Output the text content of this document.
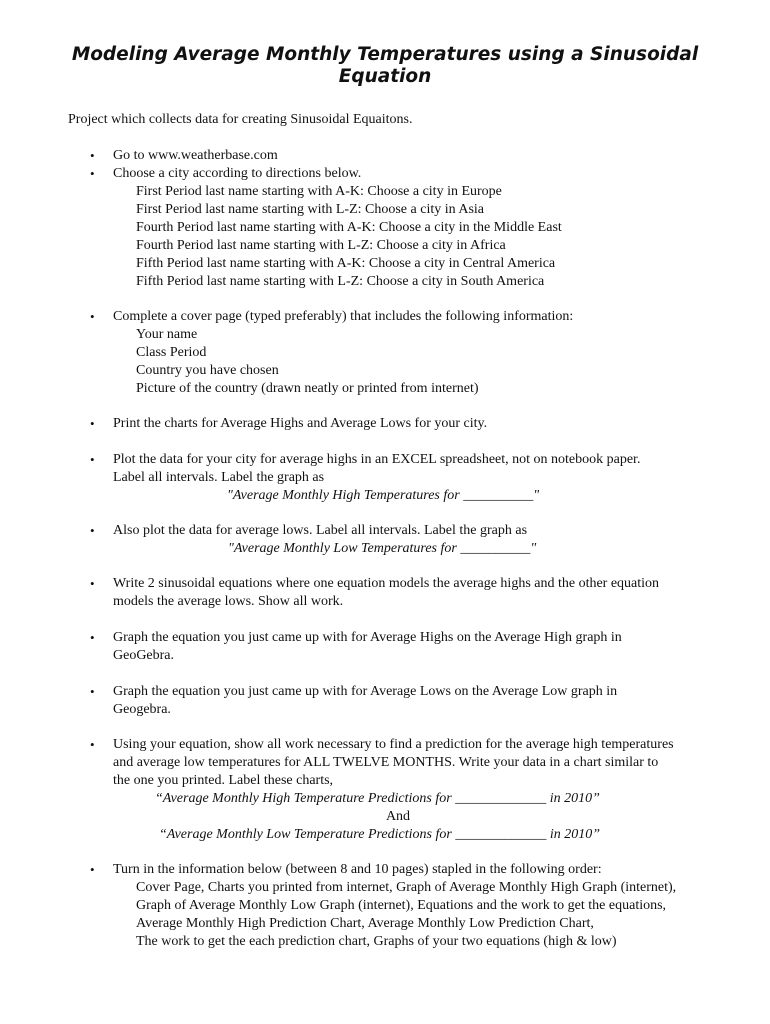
Modeling Average Monthly Temperatures using a Sinusoidal Equation

Project which collects data for creating Sinusoidal Equaitons.

• Go to www.weatherbase.com
• Choose a city according to directions below.
First Period last name starting with A-K: Choose a city in Europe
First Period last name starting with L-Z: Choose a city in Asia
Fourth Period last name starting with A-K: Choose a city in the Middle East
Fourth Period last name starting with L-Z: Choose a city in Africa
Fifth Period last name starting with A-K: Choose a city in Central America
Fifth Period last name starting with L-Z: Choose a city in South America
• Complete a cover page (typed preferably) that includes the following information:
Your name
Class Period
Country you have chosen
Picture of the country (drawn neatly or printed from internet)
• Print the charts for Average Highs and Average Lows for your city.
• Plot the data for your city for average highs in an EXCEL spreadsheet, not on notebook paper.
Label all intervals. Label the graph as
"Average Monthly High Temperatures for __________"
• Also plot the data for average lows. Label all intervals. Label the graph as
"Average Monthly Low Temperatures for __________"
• Write 2 sinusoidal equations where one equation models the average highs and the other equation
models the average lows. Show all work.
• Graph the equation you just came up with for Average Highs on the Average High graph in
GeoGebra.
• Graph the equation you just came up with for Average Lows on the Average Low graph in
Geogebra.
• Using your equation, show all work necessary to find a prediction for the average high temperatures
and average low temperatures for ALL TWELVE MONTHS. Write your data in a chart similar to
the one you printed. Label these charts,
“Average Monthly High Temperature Predictions for _____________ in 2010”
And
“Average Monthly Low Temperature Predictions for _____________ in 2010”
• Turn in the information below (between 8 and 10 pages) stapled in the following order:
Cover Page, Charts you printed from internet, Graph of Average Monthly High Graph (internet),
Graph of Average Monthly Low Graph (internet), Equations and the work to get the equations,
Average Monthly High Prediction Chart, Average Monthly Low Prediction Chart,
The work to get the each prediction chart, Graphs of your two equations (high & low)
